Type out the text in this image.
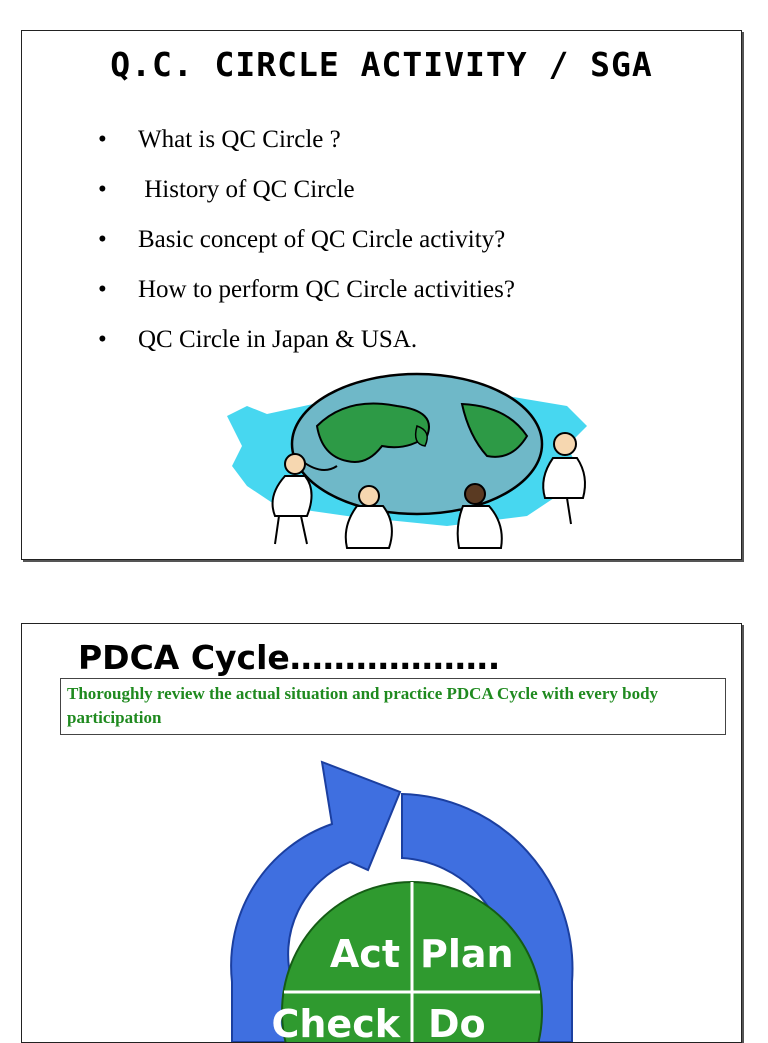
Q.C. CIRCLE ACTIVITY / SGA
•	What is QC Circle ?
•	History of QC Circle
•	Basic concept of QC Circle activity?
•	How to perform QC Circle activities?
•	QC Circle in Japan & USA.
PDCA Cycle……………….
Thoroughly review the actual situation and practice PDCA Cycle with every body participation
Act Plan
Check Do
